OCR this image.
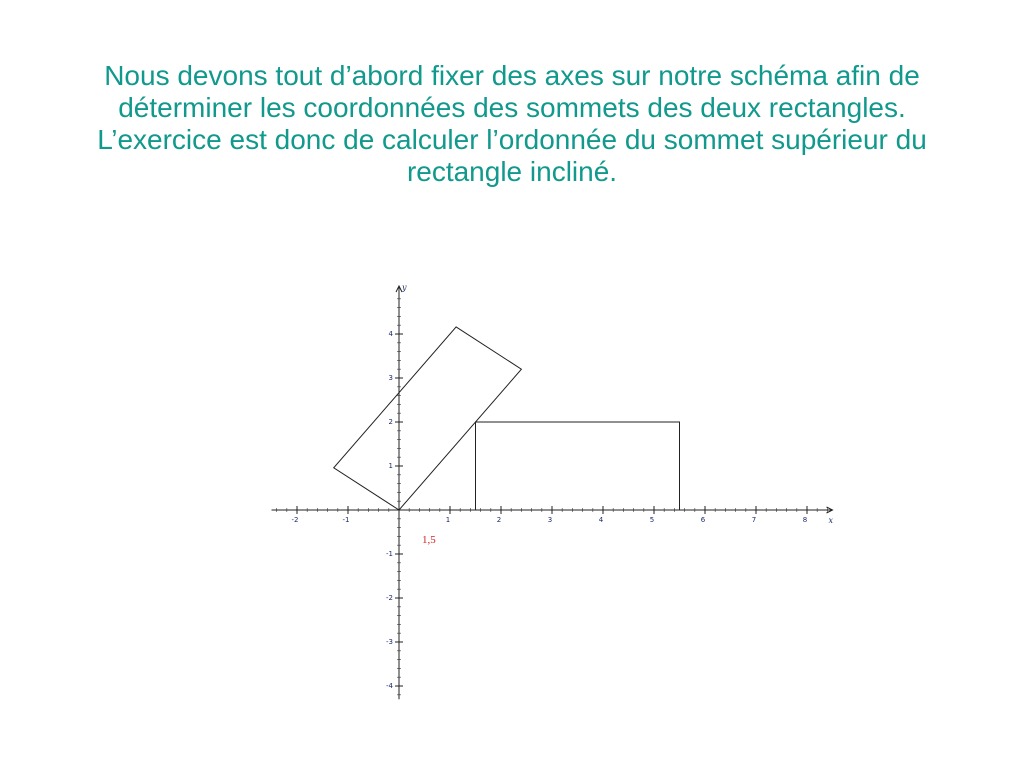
Nous devons tout d’abord fixer des axes sur notre schéma afin de déterminer les coordonnées des sommets des deux rectangles.

L’exercice est donc de calculer l’ordonnée du sommet supérieur du rectangle incliné.

x
y
-2	-1	1	2	3	4	5	6	7	8
4
3
2
1
-1
-2
-3
-4
1,5
